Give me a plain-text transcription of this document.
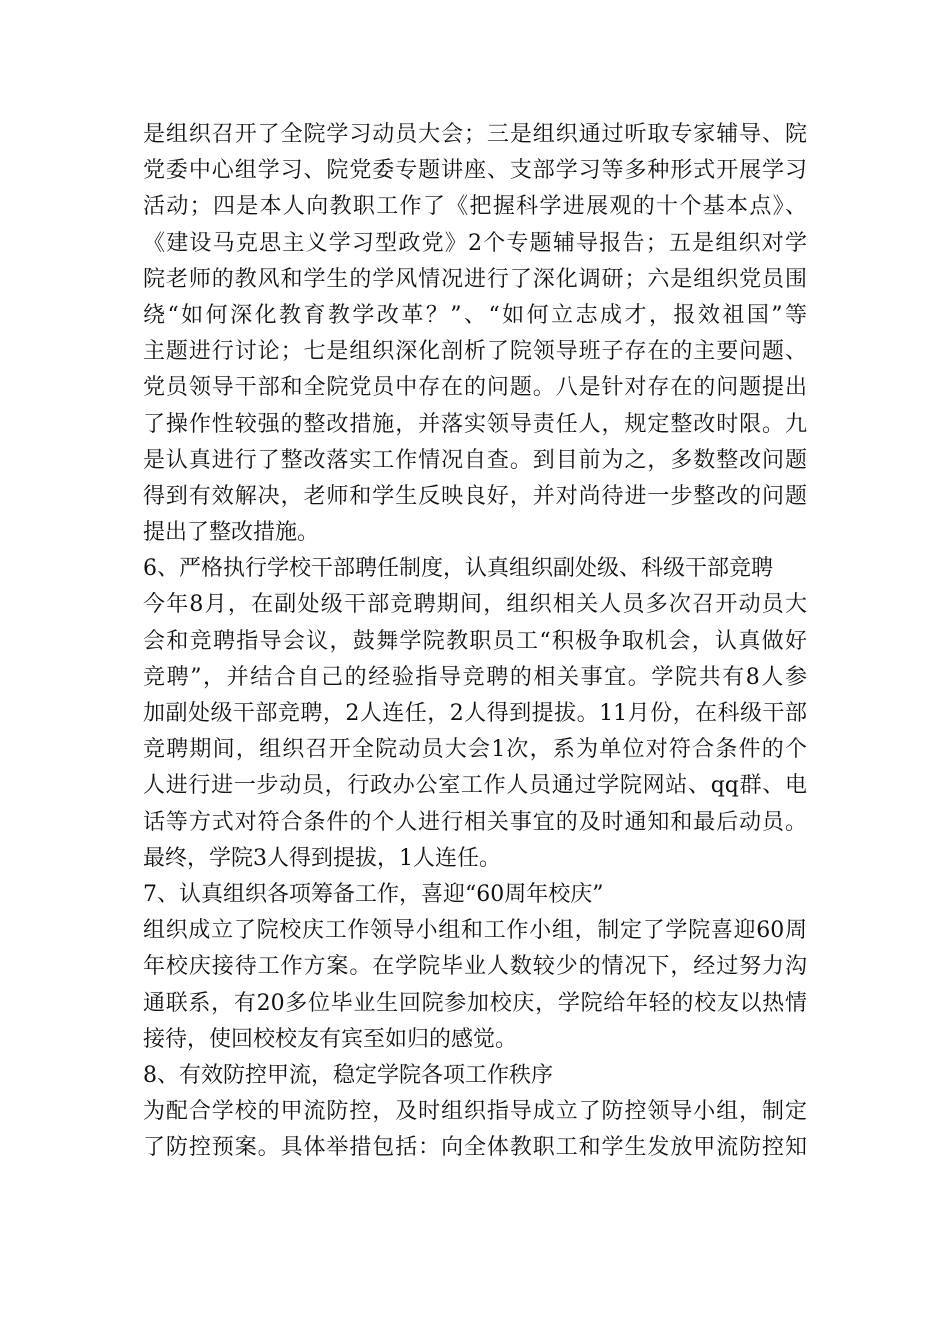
是组织召开了全院学习动员大会；三是组织通过听取专家辅导、院
党委中心组学习、院党委专题讲座、支部学习等多种形式开展学习
活动；四是本人向教职工作了《把握科学进展观的十个基本点》、
《建设马克思主义学习型政党》2个专题辅导报告；五是组织对学
院老师的教风和学生的学风情况进行了深化调研；六是组织党员围
绕“如何深化教育教学改革？”、“如何立志成才，报效祖国”等
主题进行讨论；七是组织深化剖析了院领导班子存在的主要问题、
党员领导干部和全院党员中存在的问题。八是针对存在的问题提出
了操作性较强的整改措施，并落实领导责任人，规定整改时限。九
是认真进行了整改落实工作情况自查。到目前为之，多数整改问题
得到有效解决，老师和学生反映良好，并对尚待进一步整改的问题
提出了整改措施。
6、严格执行学校干部聘任制度，认真组织副处级、科级干部竞聘
今年8月，在副处级干部竞聘期间，组织相关人员多次召开动员大
会和竞聘指导会议，鼓舞学院教职员工“积极争取机会，认真做好
竞聘”，并结合自己的经验指导竞聘的相关事宜。学院共有8人参
加副处级干部竞聘，2人连任，2人得到提拔。11月份，在科级干部
竞聘期间，组织召开全院动员大会1次，系为单位对符合条件的个
人进行进一步动员，行政办公室工作人员通过学院网站、qq群、电
话等方式对符合条件的个人进行相关事宜的及时通知和最后动员。
最终，学院3人得到提拔，1人连任。
7、认真组织各项筹备工作，喜迎“60周年校庆”
组织成立了院校庆工作领导小组和工作小组，制定了学院喜迎60周
年校庆接待工作方案。在学院毕业人数较少的情况下，经过努力沟
通联系，有20多位毕业生回院参加校庆，学院给年轻的校友以热情
接待，使回校校友有宾至如归的感觉。
8、有效防控甲流，稳定学院各项工作秩序
为配合学校的甲流防控，及时组织指导成立了防控领导小组，制定
了防控预案。具体举措包括：向全体教职工和学生发放甲流防控知
